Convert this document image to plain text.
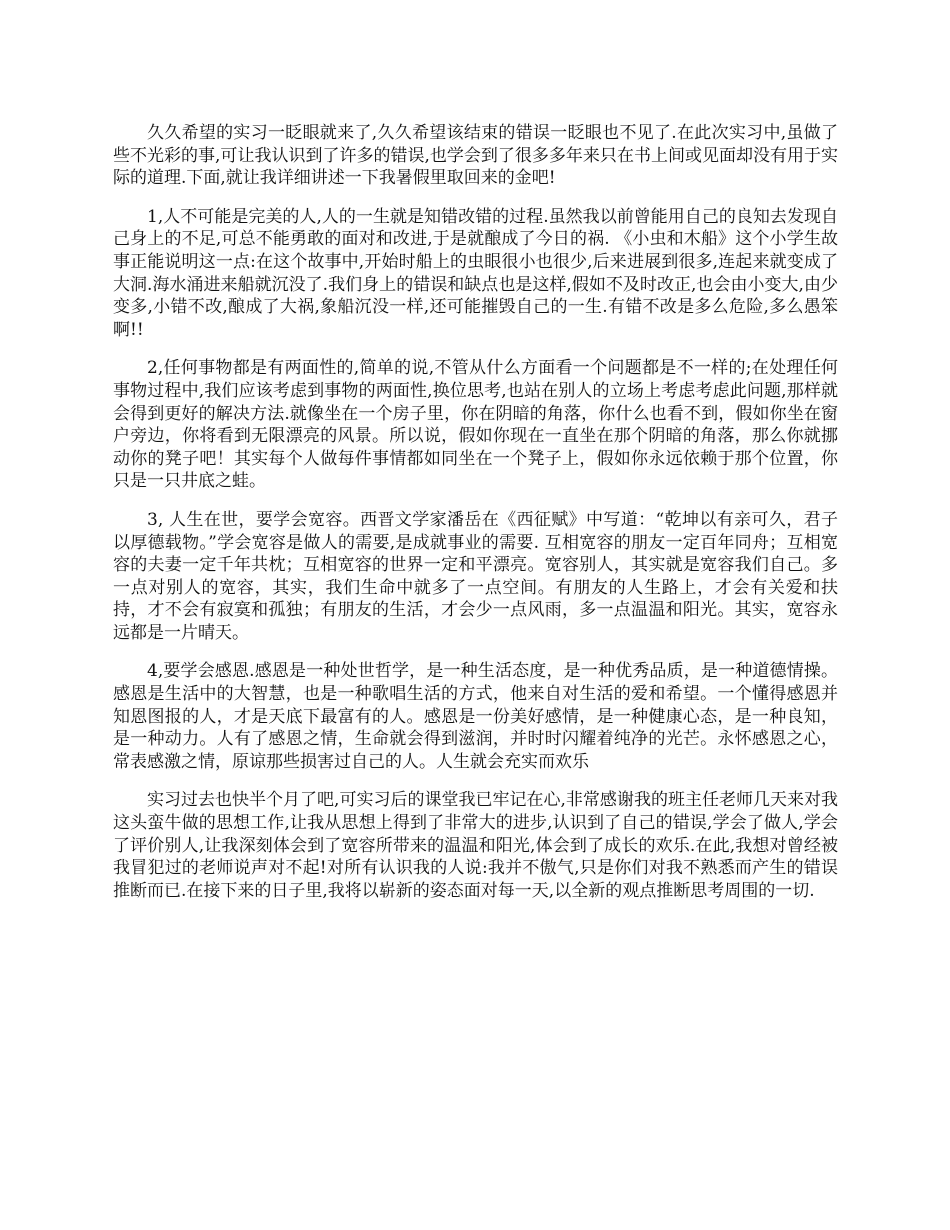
久久希望的实习一眨眼就来了,久久希望该结束的错误一眨眼也不见了.在此次实习中,虽做了些不光彩的事,可让我认识到了许多的错误,也学会到了很多多年来只在书上间或见面却没有用于实际的道理.下面,就让我详细讲述一下我暑假里取回来的金吧!

1,人不可能是完美的人,人的一生就是知错改错的过程.虽然我以前曾能用自己的良知去发现自己身上的不足,可总不能勇敢的面对和改进,于是就酿成了今日的祸. 《小虫和木船》这个小学生故事正能说明这一点:在这个故事中,开始时船上的虫眼很小也很少,后来进展到很多,连起来就变成了大洞.海水涌进来船就沉没了.我们身上的错误和缺点也是这样,假如不及时改正,也会由小变大,由少变多,小错不改,酿成了大祸,象船沉没一样,还可能摧毁自己的一生.有错不改是多么危险,多么愚笨啊!!

2,任何事物都是有两面性的,简单的说,不管从什么方面看一个问题都是不一样的;在处理任何事物过程中,我们应该考虑到事物的两面性,换位思考,也站在别人的立场上考虑考虑此问题,那样就会得到更好的解决方法.就像坐在一个房子里，你在阴暗的角落，你什么也看不到，假如你坐在窗户旁边，你将看到无限漂亮的风景。所以说，假如你现在一直坐在那个阴暗的角落，那么你就挪动你的凳子吧！其实每个人做每件事情都如同坐在一个凳子上，假如你永远依赖于那个位置，你只是一只井底之蛙。

3, 人生在世，要学会宽容。西晋文学家潘岳在《西征赋》中写道：“乾坤以有亲可久，君子以厚德载物。”学会宽容是做人的需要,是成就事业的需要. 互相宽容的朋友一定百年同舟；互相宽容的夫妻一定千年共枕；互相宽容的世界一定和平漂亮。宽容别人，其实就是宽容我们自己。多一点对别人的宽容，其实，我们生命中就多了一点空间。有朋友的人生路上，才会有关爱和扶持，才不会有寂寞和孤独；有朋友的生活，才会少一点风雨，多一点温温和阳光。其实，宽容永远都是一片晴天。

4,要学会感恩.感恩是一种处世哲学，是一种生活态度，是一种优秀品质，是一种道德情操。感恩是生活中的大智慧，也是一种歌唱生活的方式，他来自对生活的爱和希望。一个懂得感恩并知恩图报的人，才是天底下最富有的人。感恩是一份美好感情，是一种健康心态，是一种良知，是一种动力。人有了感恩之情，生命就会得到滋润，并时时闪耀着纯净的光芒。永怀感恩之心，常表感激之情，原谅那些损害过自己的人。人生就会充实而欢乐

实习过去也快半个月了吧,可实习后的课堂我已牢记在心,非常感谢我的班主任老师几天来对我这头蛮牛做的思想工作,让我从思想上得到了非常大的进步,认识到了自己的错误,学会了做人,学会了评价别人,让我深刻体会到了宽容所带来的温温和阳光,体会到了成长的欢乐.在此,我想对曾经被我冒犯过的老师说声对不起!对所有认识我的人说:我并不傲气,只是你们对我不熟悉而产生的错误推断而已.在接下来的日子里,我将以崭新的姿态面对每一天,以全新的观点推断思考周围的一切.
